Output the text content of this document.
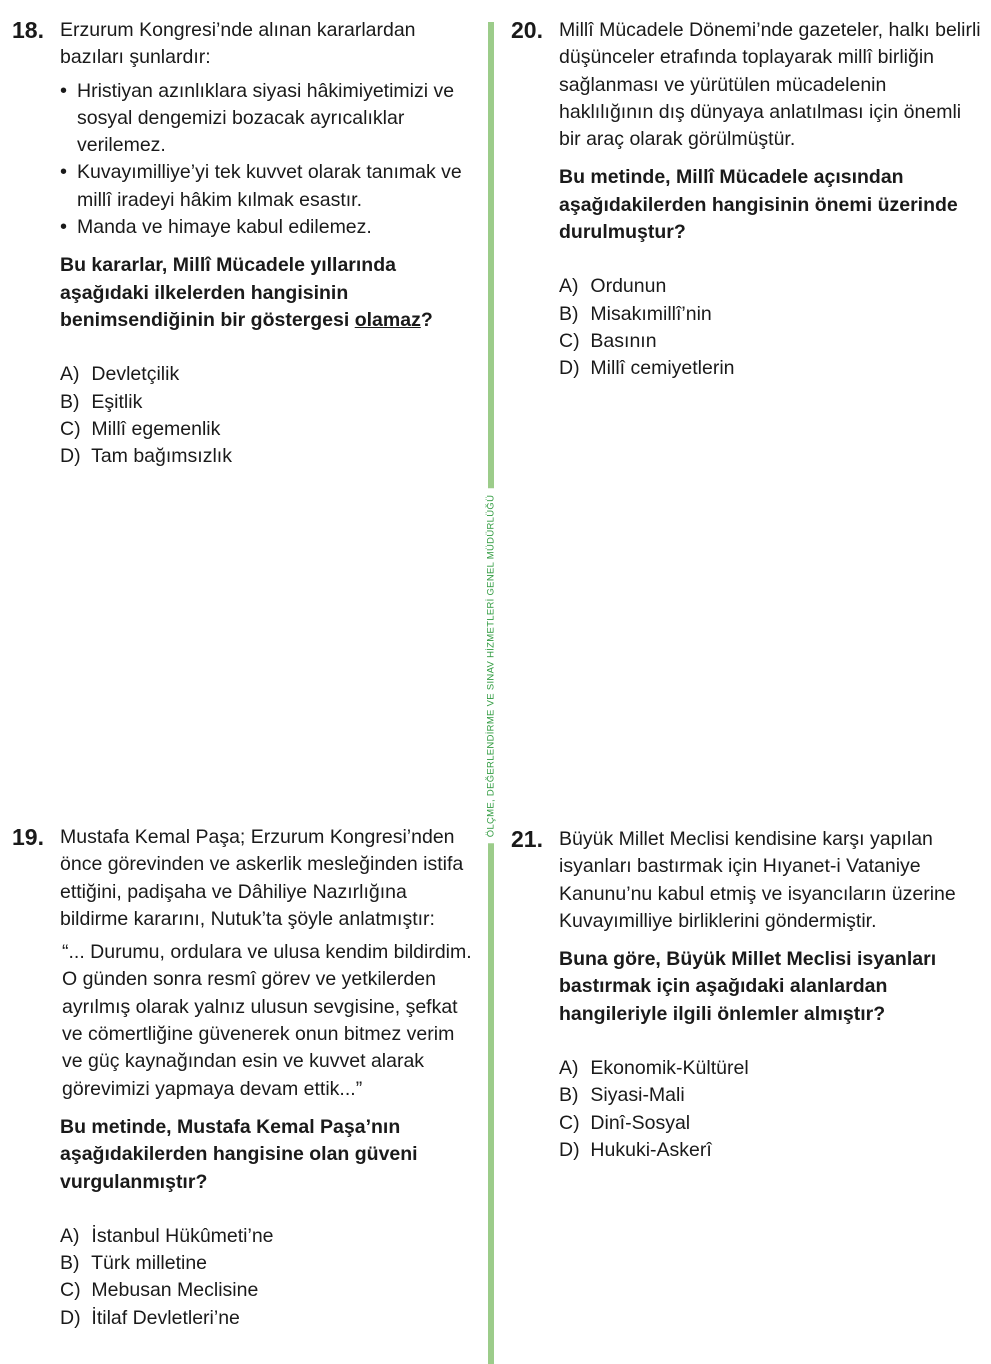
18. Erzurum Kongresi’nde alınan kararlardan bazıları şunlardır:

• Hristiyan azınlıklara siyasi hâkimiyetimizi ve sosyal dengemizi bozacak ayrıcalıklar verilemez.
• Kuvayımilliye’yi tek kuvvet olarak tanımak ve millî iradeyi hâkim kılmak esastır.
• Manda ve himaye kabul edilemez.
Bu kararlar, Millî Mücadele yıllarında aşağıdaki ilkelerden hangisinin benimsendiğinin bir göstergesi olamaz?
A) Devletçilik
B) Eşitlik
C) Millî egemenlik
D) Tam bağımsızlık
19. Mustafa Kemal Paşa; Erzurum Kongresi’nden önce görevinden ve askerlik mesleğinden istifa ettiğini, padişaha ve Dâhiliye Nazırlığına bildirme kararını, Nutuk’ta şöyle anlatmıştır:

“... Durumu, ordulara ve ulusa kendim bildirdim. O günden sonra resmî görev ve yetkilerden ayrılmış olarak yalnız ulusun sevgisine, şefkat ve cömertliğine güvenerek onun bitmez verim ve güç kaynağından esin ve kuvvet alarak görevimizi yapmaya devam ettik...”
Bu metinde, Mustafa Kemal Paşa’nın aşağıdakilerden hangisine olan güveni vurgulanmıştır?
A) İstanbul Hükûmeti’ne
B) Türk milletine
C) Mebusan Meclisine
D) İtilaf Devletleri’ne
ÖLÇME, DEĞERLENDİRME VE SINAV HİZMETLERİ GENEL MÜDÜRLÜĞÜ
20. Millî Mücadele Dönemi’nde gazeteler, halkı belirli düşünceler etrafında toplayarak millî birliğin sağlanması ve yürütülen mücadelenin haklılığının dış dünyaya anlatılması için önemli bir araç olarak görülmüştür.

Bu metinde, Millî Mücadele açısından aşağıdakilerden hangisinin önemi üzerinde durulmuştur?
A) Ordunun
B) Misakımillî’nin
C) Basının
D) Millî cemiyetlerin
21. Büyük Millet Meclisi kendisine karşı yapılan isyanları bastırmak için Hıyanet-i Vataniye Kanunu’nu kabul etmiş ve isyancıların üzerine Kuvayımilliye birliklerini göndermiştir.

Buna göre, Büyük Millet Meclisi isyanları bastırmak için aşağıdaki alanlardan hangileriyle ilgili önlemler almıştır?
A) Ekonomik-Kültürel
B) Siyasi-Mali
C) Dinî-Sosyal
D) Hukuki-Askerî
